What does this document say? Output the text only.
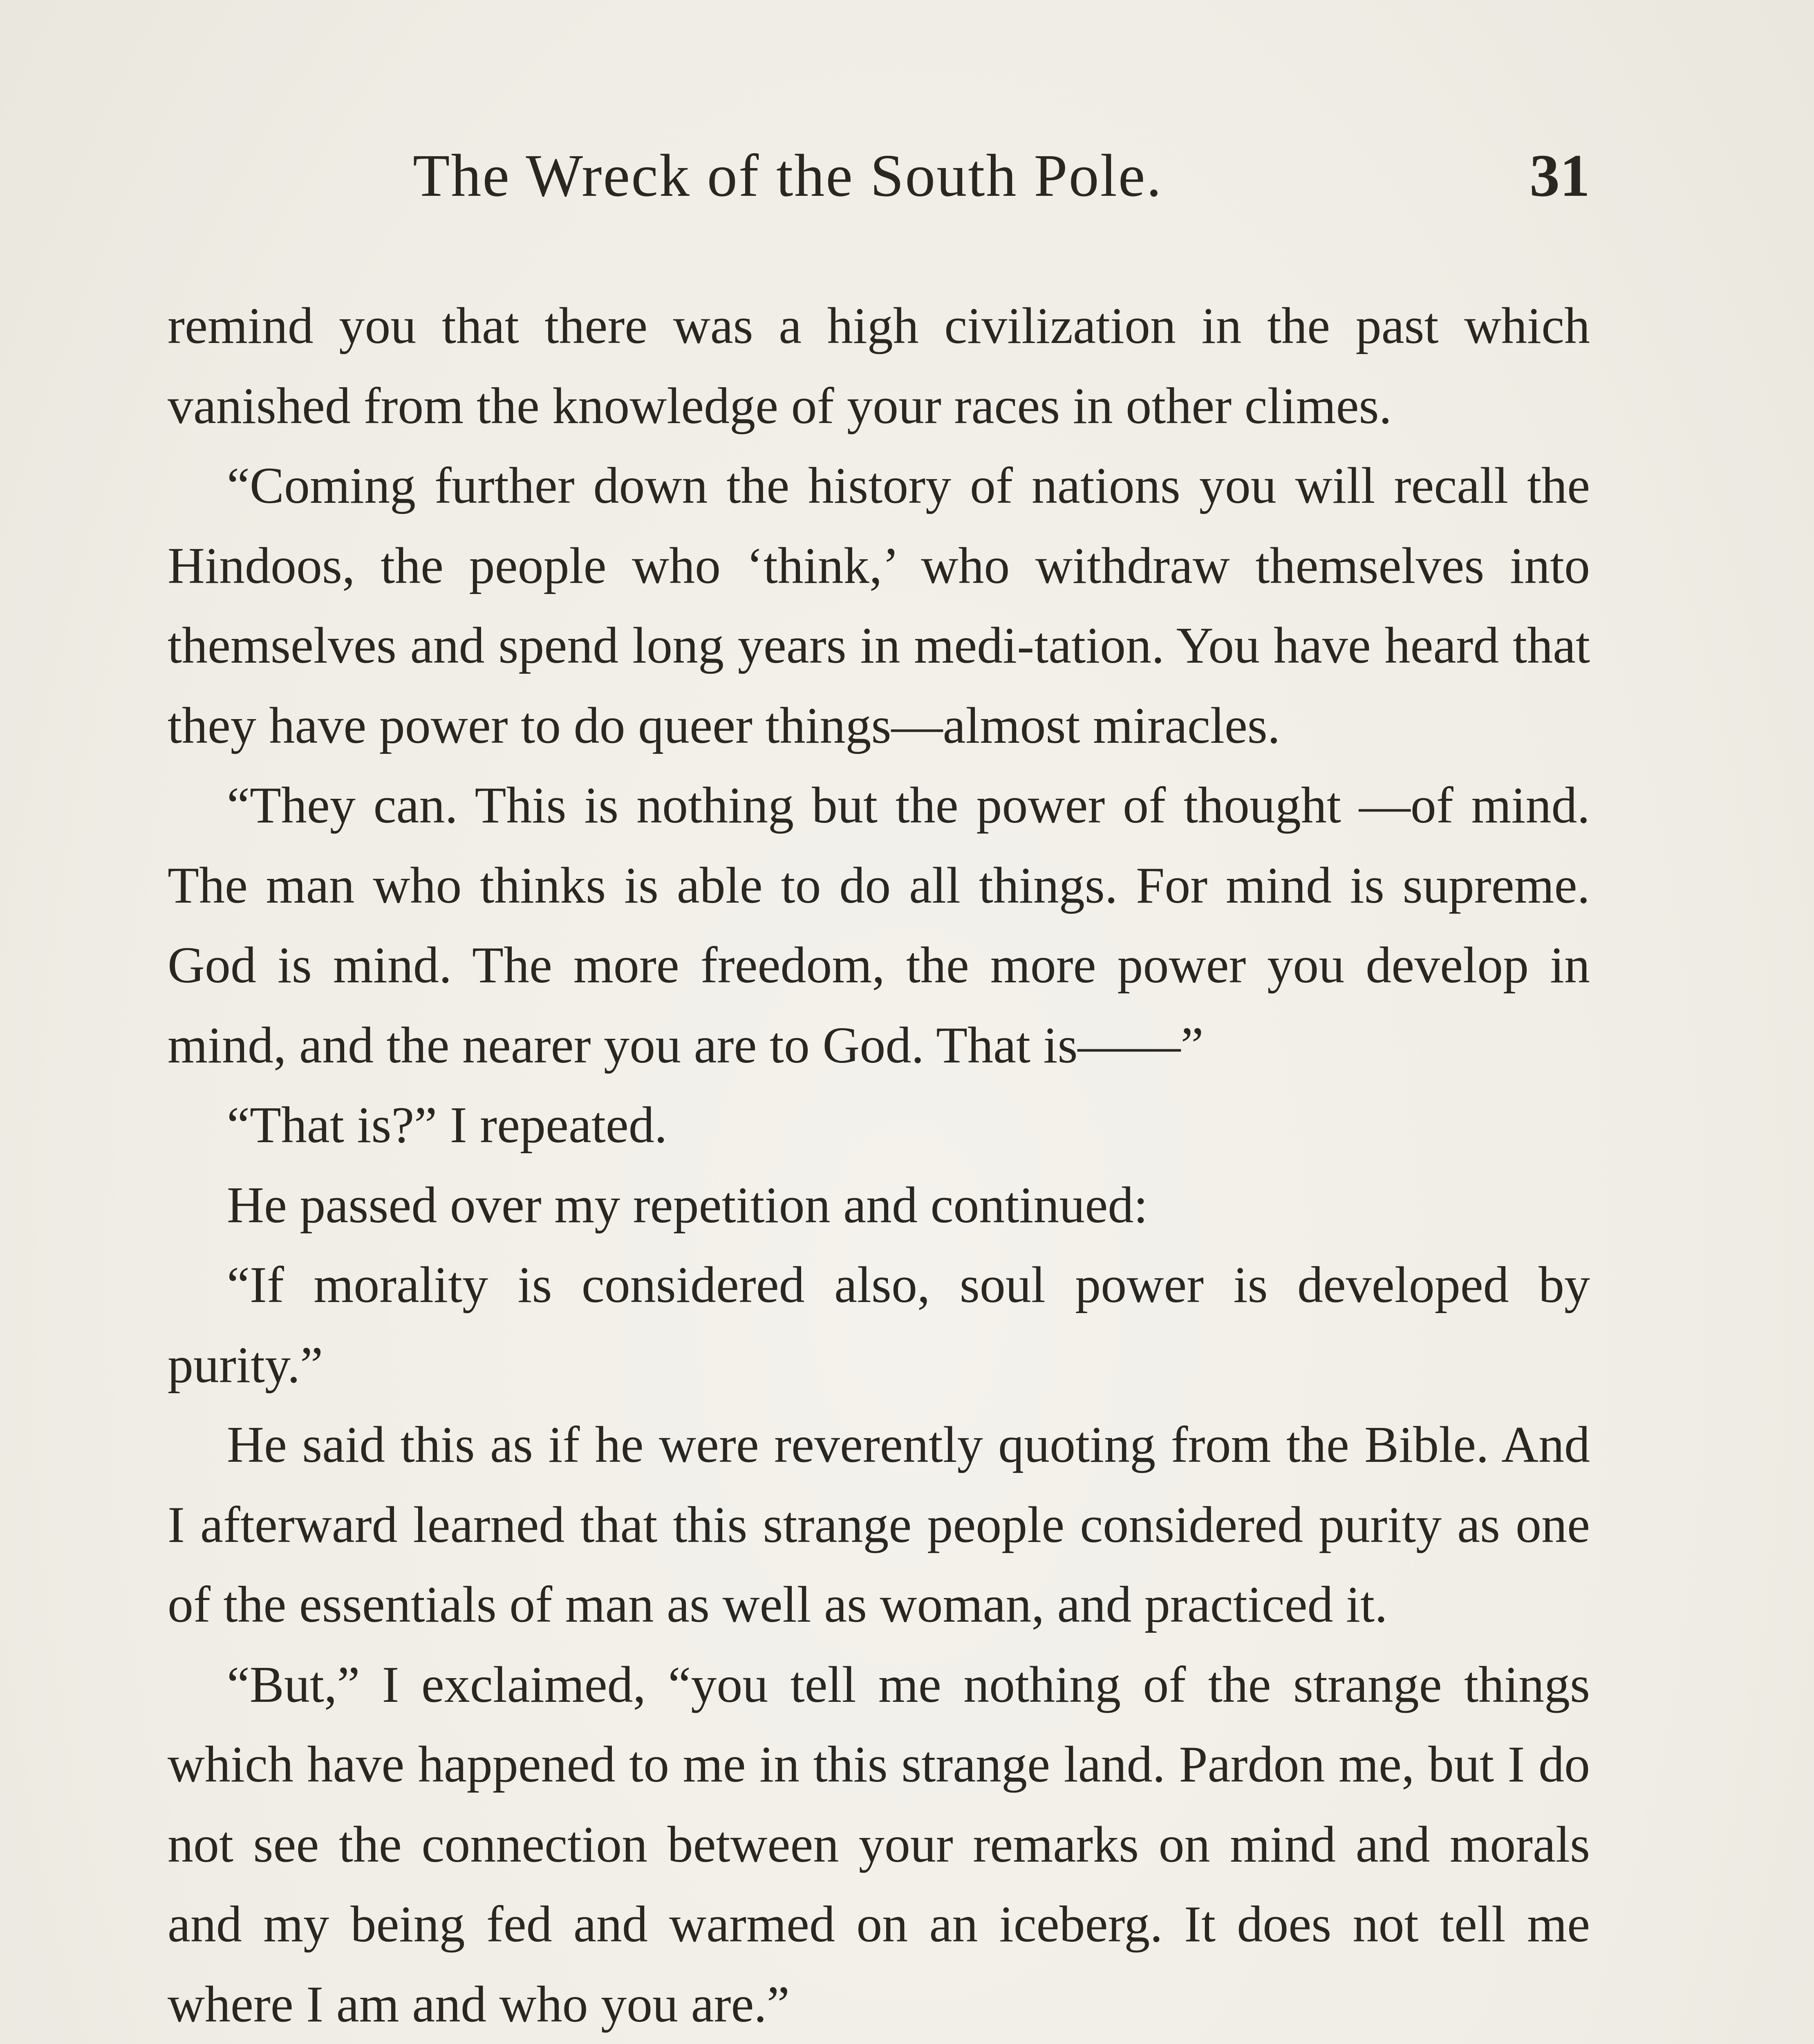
The Wreck of the South Pole.	31

remind you that there was a high civilization in the past which vanished from the knowledge of your races in other climes.

“Coming further down the history of nations you will recall the Hindoos, the people who ‘think,’ who withdraw themselves into themselves and spend long years in medi-tation. You have heard that they have power to do queer things—almost miracles.

“They can. This is nothing but the power of thought —of mind. The man who thinks is able to do all things. For mind is supreme. God is mind. The more freedom, the more power you develop in mind, and the nearer you are to God. That is——”

“That is?” I repeated.

He passed over my repetition and continued:

“If morality is considered also, soul power is developed by purity.”

He said this as if he were reverently quoting from the Bible. And I afterward learned that this strange people considered purity as one of the essentials of man as well as woman, and practiced it.

“But,” I exclaimed, “you tell me nothing of the strange things which have happened to me in this strange land. Pardon me, but I do not see the connection between your remarks on mind and morals and my being fed and warmed on an iceberg. It does not tell me where I am and who you are.”
